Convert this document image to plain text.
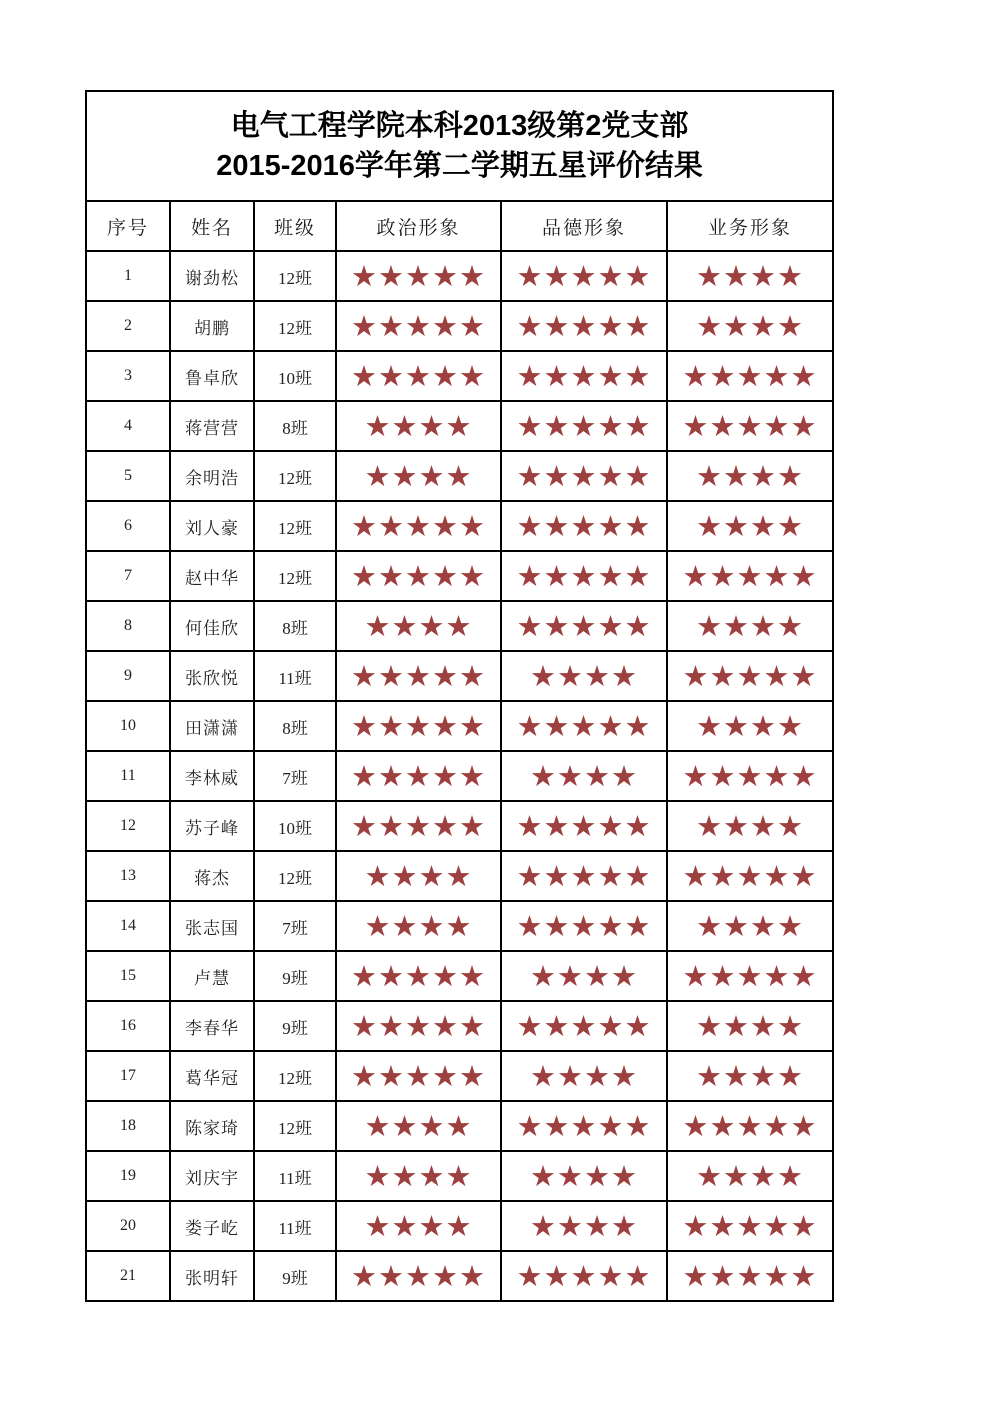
电气工程学院本科2013级第2党支部
2015-2016学年第二学期五星评价结果					

序号	姓名	班级	政治形象	品德形象	业务形象
1	谢劲松	12班	★★★★★	★★★★★	★★★★
2	胡鹏	12班	★★★★★	★★★★★	★★★★
3	鲁卓欣	10班	★★★★★	★★★★★	★★★★★
4	蒋营营	8班	★★★★	★★★★★	★★★★★
5	余明浩	12班	★★★★	★★★★★	★★★★
6	刘人豪	12班	★★★★★	★★★★★	★★★★
7	赵中华	12班	★★★★★	★★★★★	★★★★★
8	何佳欣	8班	★★★★	★★★★★	★★★★
9	张欣悦	11班	★★★★★	★★★★	★★★★★
10	田潇潇	8班	★★★★★	★★★★★	★★★★
11	李林威	7班	★★★★★	★★★★	★★★★★
12	苏子峰	10班	★★★★★	★★★★★	★★★★
13	蒋杰	12班	★★★★	★★★★★	★★★★★
14	张志国	7班	★★★★	★★★★★	★★★★
15	卢慧	9班	★★★★★	★★★★	★★★★★
16	李春华	9班	★★★★★	★★★★★	★★★★
17	葛华冠	12班	★★★★★	★★★★	★★★★
18	陈家琦	12班	★★★★	★★★★★	★★★★★
19	刘庆宇	11班	★★★★	★★★★	★★★★
20	娄子屹	11班	★★★★	★★★★	★★★★★
21	张明轩	9班	★★★★★	★★★★★	★★★★★
